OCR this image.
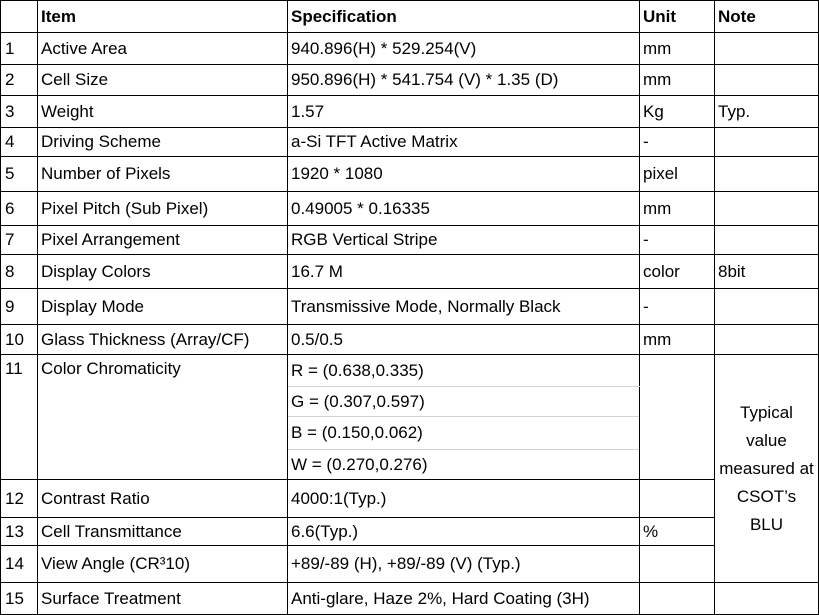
	Item	Specification	Unit	Note
1	Active Area	940.896(H) * 529.254(V)	mm	
2	Cell Size	950.896(H) * 541.754 (V) * 1.35 (D)	mm	
3	Weight	1.57	Kg	Typ.
4	Driving Scheme	a-Si TFT Active Matrix	-	
5	Number of Pixels	1920 * 1080	pixel	
6	Pixel Pitch (Sub Pixel)	0.49005 * 0.16335	mm	
7	Pixel Arrangement	RGB Vertical Stripe	-	
8	Display Colors	16.7 M	color	8bit
9	Display Mode	Transmissive Mode, Normally Black	-	
10	Glass Thickness (Array/CF)	0.5/0.5	mm	
11	Color Chromaticity	R = (0.638,0.335)		Typical value measured at CSOT’s BLU
		G = (0.307,0.597)		
		B = (0.150,0.062)		
		W = (0.270,0.276)		
12	Contrast Ratio	4000:1(Typ.)		
13	Cell Transmittance	6.6(Typ.)	%	
14	View Angle (CR³10)	+89/-89 (H), +89/-89 (V) (Typ.)		
15	Surface Treatment	Anti-glare, Haze 2%, Hard Coating (3H)		
